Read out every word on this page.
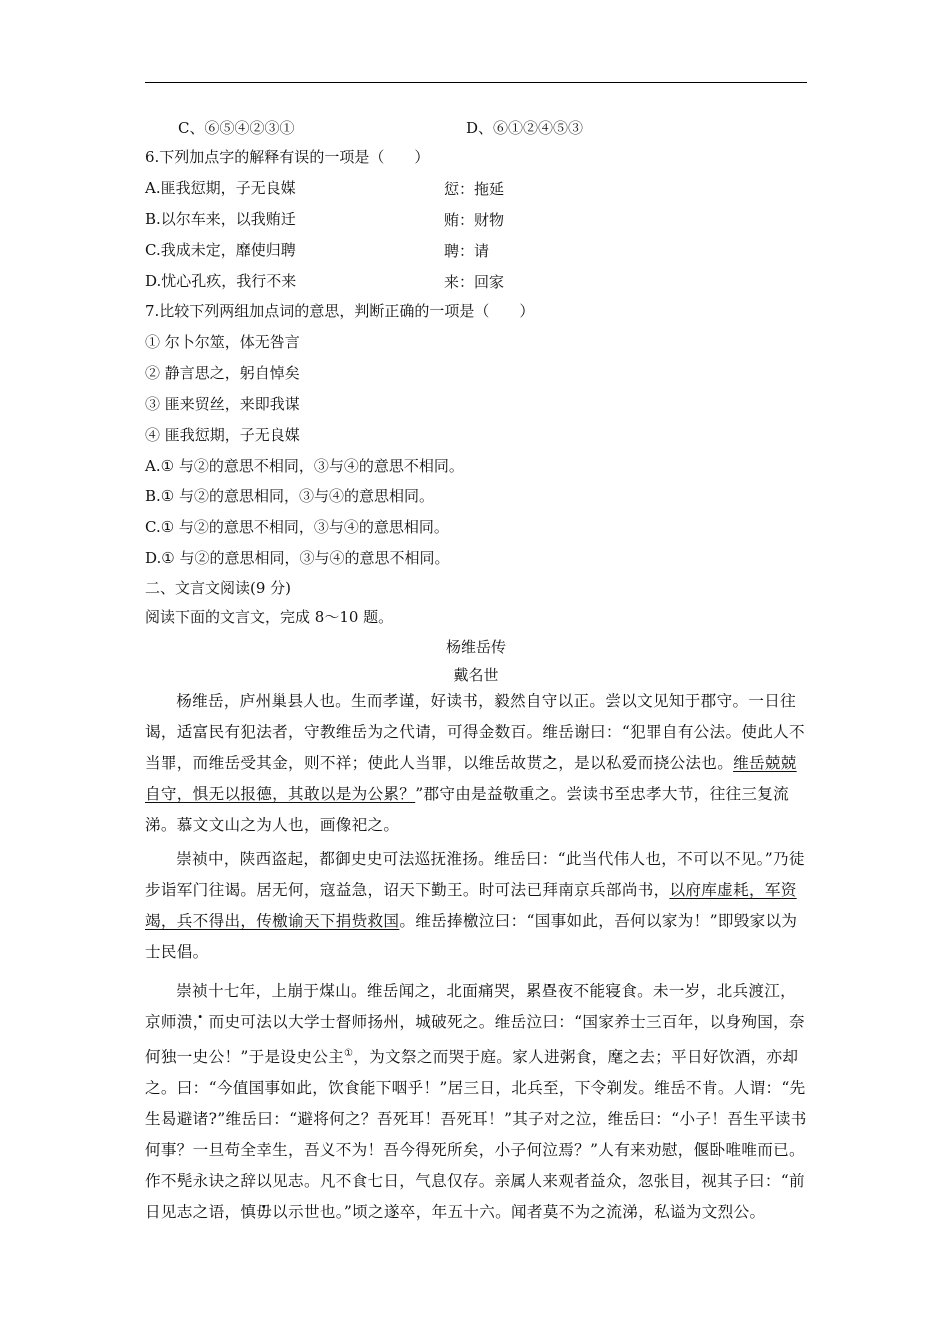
C、⑥⑤④②③①	D、⑥①②④⑤③
6.下列加点字的解释有误的一项是（　　）
A.匪我愆期，子无良媒	愆：拖延
B.以尔车来，以我贿迁	贿：财物
C.我成未定，靡使归聘	聘：请
D.忧心孔疚，我行不来	来：回家
7.比较下列两组加点词的意思，判断正确的一项是（　　）
① 尔卜尔筮，体无咎言
② 静言思之，躬自悼矣
③ 匪来贸丝，来即我谋
④ 匪我愆期，子无良媒
A.① 与②的意思不相同，③与④的意思不相同。
B.① 与②的意思相同，③与④的意思相同。
C.① 与②的意思不相同，③与④的意思相同。
D.① 与②的意思相同，③与④的意思不相同。
二、文言文阅读(9 分)
阅读下面的文言文，完成 8～10 题。
杨维岳传
戴名世

杨维岳，庐州巢县人也。生而孝谨，好读书，毅然自守以正。尝以文见知于郡守。一日往谒，适富民有犯法者，守教维岳为之代请，可得金数百。维岳谢曰：“犯罪自有公法。使此人不当罪，而维岳受其金，则不祥；使此人当罪，以维岳故贳之，是以私爱而挠公法也。维岳兢兢自守，惧无以报德，其敢以是为公累？”郡守由是益敬重之。尝读书至忠孝大节，往往三复流涕。慕文文山之为人也，画像祀之。

崇祯中，陕西盗起，都御史史可法巡抚淮扬。维岳曰：“此当代伟人也，不可以不见。”乃徒步诣军门往谒。居无何，寇益急，诏天下勤王。时可法已拜南京兵部尚书，以府库虚耗，军资竭，兵不得出，传檄谕天下捐赀救国。维岳捧檄泣曰：“国事如此，吾何以家为！”即毁家以为士民倡。

崇祯十七年，上崩于煤山。维岳闻之，北面痛哭，累昼夜不能寝食。未一岁，北兵渡江，京师溃，而史可法以大学士督师扬州，城破死之。维岳泣曰：“国家养士三百年，以身殉国，奈何独一史公！”于是设史公主①，为文祭之而哭于庭。家人进粥食，麾之去；平日好饮酒，亦却之。曰：“今值国事如此，饮食能下咽乎！”居三日，北兵至，下令剃发。维岳不肯。人谓：“先生曷避诸?”维岳曰：“避将何之？吾死耳！吾死耳！”其子对之泣，维岳曰：“小子！吾生平读书何事？一旦苟全幸生，吾义不为！吾今得死所矣，小子何泣焉？”人有来劝慰，偃卧唯唯而已。作不髡永诀之辞以见志。凡不食七日，气息仅存。亲属人来观者益众，忽张目，视其子曰：“前日见志之语，慎毋以示世也。”顷之遂卒，年五十六。闻者莫不为之流涕，私谥为文烈公。
